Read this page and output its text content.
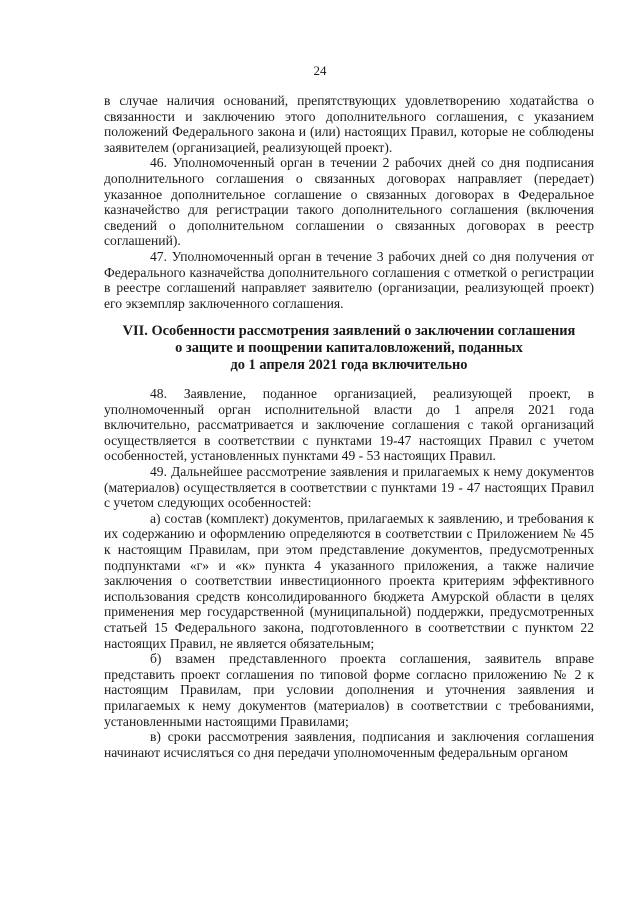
24

в случае наличия оснований, препятствующих удовлетворению ходатайства о связанности и заключению этого дополнительного соглашения, с указанием положений Федерального закона и (или) настоящих Правил, которые не соблюдены заявителем (организацией, реализующей проект).

46. Уполномоченный орган в течении 2 рабочих дней со дня подписания дополнительного соглашения о связанных договорах направляет (передает) указанное дополнительное соглашение о связанных договорах в Федеральное казначейство для регистрации такого дополнительного соглашения (включения сведений о дополнительном соглашении о связанных договорах в реестр соглашений).

47. Уполномоченный орган в течение 3 рабочих дней со дня получения от Федерального казначейства дополнительного соглашения с отметкой о регистрации в реестре соглашений направляет заявителю (организации, реализующей проект) его экземпляр заключенного соглашения.

VII. Особенности рассмотрения заявлений о заключении соглашения
о защите и поощрении капиталовложений, поданных
до 1 апреля 2021 года включительно

48. Заявление, поданное организацией, реализующей проект, в уполномоченный орган исполнительной власти до 1 апреля 2021 года включительно, рассматривается и заключение соглашения с такой организаций осуществляется в соответствии с пунктами 19-47 настоящих Правил с учетом особенностей, установленных пунктами 49 - 53 настоящих Правил.

49. Дальнейшее рассмотрение заявления и прилагаемых к нему документов (материалов) осуществляется в соответствии с пунктами 19 - 47 настоящих Правил с учетом следующих особенностей:

а) состав (комплект) документов, прилагаемых к заявлению, и требования к их содержанию и оформлению определяются в соответствии с Приложением № 45 к настоящим Правилам, при этом представление документов, предусмотренных подпунктами «г» и «к» пункта 4 указанного приложения, а также наличие заключения о соответствии инвестиционного проекта критериям эффективного использования средств консолидированного бюджета Амурской области в целях применения мер государственной (муниципальной) поддержки, предусмотренных статьей 15 Федерального закона, подготовленного в соответствии с пунктом 22 настоящих Правил, не является обязательным;

б) взамен представленного проекта соглашения, заявитель вправе представить проект соглашения по типовой форме согласно приложению № 2 к настоящим Правилам, при условии дополнения и уточнения заявления и прилагаемых к нему документов (материалов) в соответствии с требованиями, установленными настоящими Правилами;

в) сроки рассмотрения заявления, подписания и заключения соглашения начинают исчисляться со дня передачи уполномоченным федеральным органом
